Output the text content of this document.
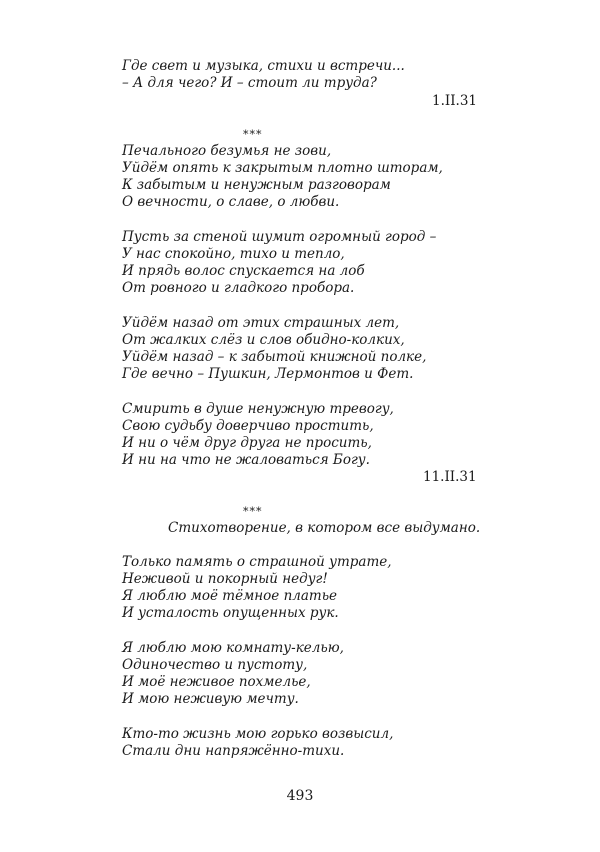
Где свет и музыка, стихи и встречи...
– А для чего? И – стоит ли труда?
1.II.31
***
Печального безумья не зови,
Уйдём опять к закрытым плотно шторам,
К забытым и ненужным разговорам
О вечности, о славе, о любви.
Пусть за стеной шумит огромный город –
У нас спокойно, тихо и тепло,
И прядь волос спускается на лоб
От ровного и гладкого пробора.
Уйдём назад от этих страшных лет,
От жалких слёз и слов обидно-колких,
Уйдём назад – к забытой книжной полке,
Где вечно – Пушкин, Лермонтов и Фет.
Смирить в душе ненужную тревогу,
Свою судьбу доверчиво простить,
И ни о чём друг друга не просить,
И ни на что не жаловаться Богу.
11.II.31
***
Стихотворение, в котором все выдумано.
Только память о страшной утрате,
Неживой и покорный недуг!
Я люблю моё тёмное платье
И усталость опущенных рук.
Я люблю мою комнату-келью,
Одиночество и пустоту,
И моё неживое похмелье,
И мою неживую мечту.
Кто-то жизнь мою горько возвысил,
Стали дни напряжённо-тихи.
493
